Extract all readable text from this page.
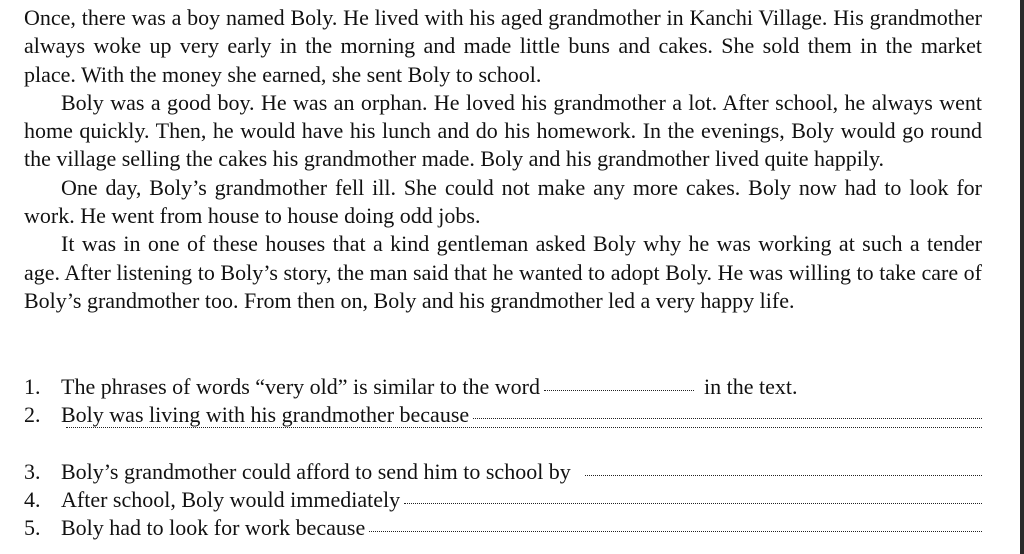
Once, there was a boy named Boly. He lived with his aged grandmother in Kanchi Village. His grandmother always woke up very early in the morning and made little buns and cakes. She sold them in the market place. With the money she earned, she sent Boly to school.

Boly was a good boy. He was an orphan. He loved his grandmother a lot. After school, he always went home quickly. Then, he would have his lunch and do his homework. In the evenings, Boly would go round the village selling the cakes his grandmother made. Boly and his grandmother lived quite happily.

One day, Boly’s grandmother fell ill. She could not make any more cakes. Boly now had to look for work. He went from house to house doing odd jobs.

It was in one of these houses that a kind gentleman asked Boly why he was working at such a tender age. After listening to Boly’s story, the man said that he wanted to adopt Boly. He was willing to take care of Boly’s grandmother too. From then on, Boly and his grandmother led a very happy life.

1. The phrases of words “very old” is similar to the word	in the text.
2. Boly was living with his grandmother because
3. Boly’s grandmother could afford to send him to school by
4. After school, Boly would immediately
5. Boly had to look for work because
